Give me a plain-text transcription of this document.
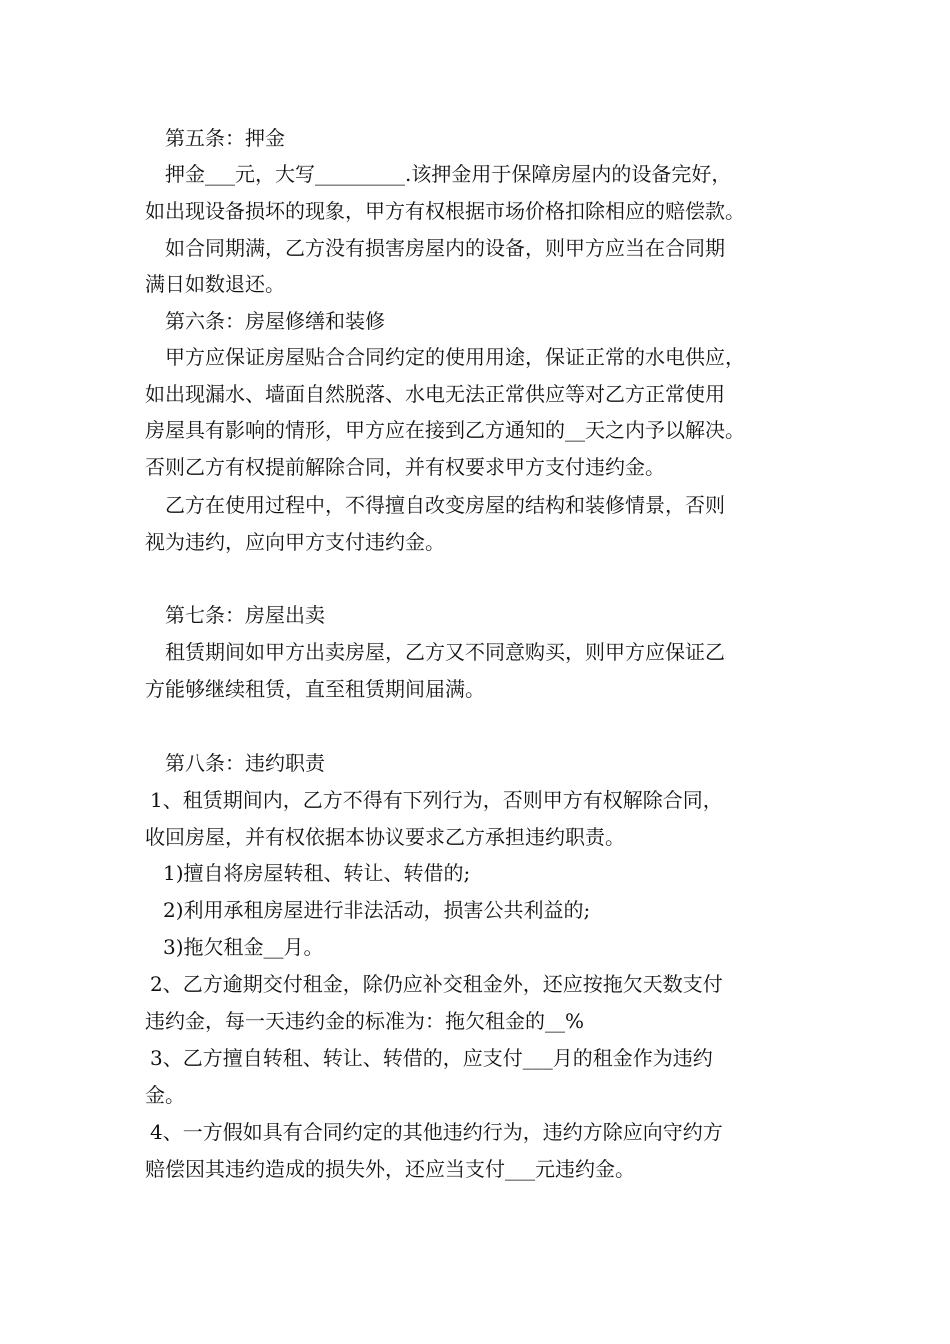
第五条：押金
押金___元，大写_________.该押金用于保障房屋内的设备完好，
如出现设备损坏的现象，甲方有权根据市场价格扣除相应的赔偿款。
如合同期满，乙方没有损害房屋内的设备，则甲方应当在合同期
满日如数退还。
第六条：房屋修缮和装修
甲方应保证房屋贴合合同约定的使用用途，保证正常的水电供应，
如出现漏水、墙面自然脱落、水电无法正常供应等对乙方正常使用
房屋具有影响的情形，甲方应在接到乙方通知的__天之内予以解决。
否则乙方有权提前解除合同，并有权要求甲方支付违约金。
乙方在使用过程中，不得擅自改变房屋的结构和装修情景，否则
视为违约，应向甲方支付违约金。
第七条：房屋出卖
租赁期间如甲方出卖房屋，乙方又不同意购买，则甲方应保证乙
方能够继续租赁，直至租赁期间届满。
第八条：违约职责
1、租赁期间内，乙方不得有下列行为，否则甲方有权解除合同，
收回房屋，并有权依据本协议要求乙方承担违约职责。
1)擅自将房屋转租、转让、转借的;
2)利用承租房屋进行非法活动，损害公共利益的;
3)拖欠租金__月。
2、乙方逾期交付租金，除仍应补交租金外，还应按拖欠天数支付
违约金，每一天违约金的标准为：拖欠租金的__%
3、乙方擅自转租、转让、转借的，应支付___月的租金作为违约
金。
4、一方假如具有合同约定的其他违约行为，违约方除应向守约方
赔偿因其违约造成的损失外，还应当支付___元违约金。
